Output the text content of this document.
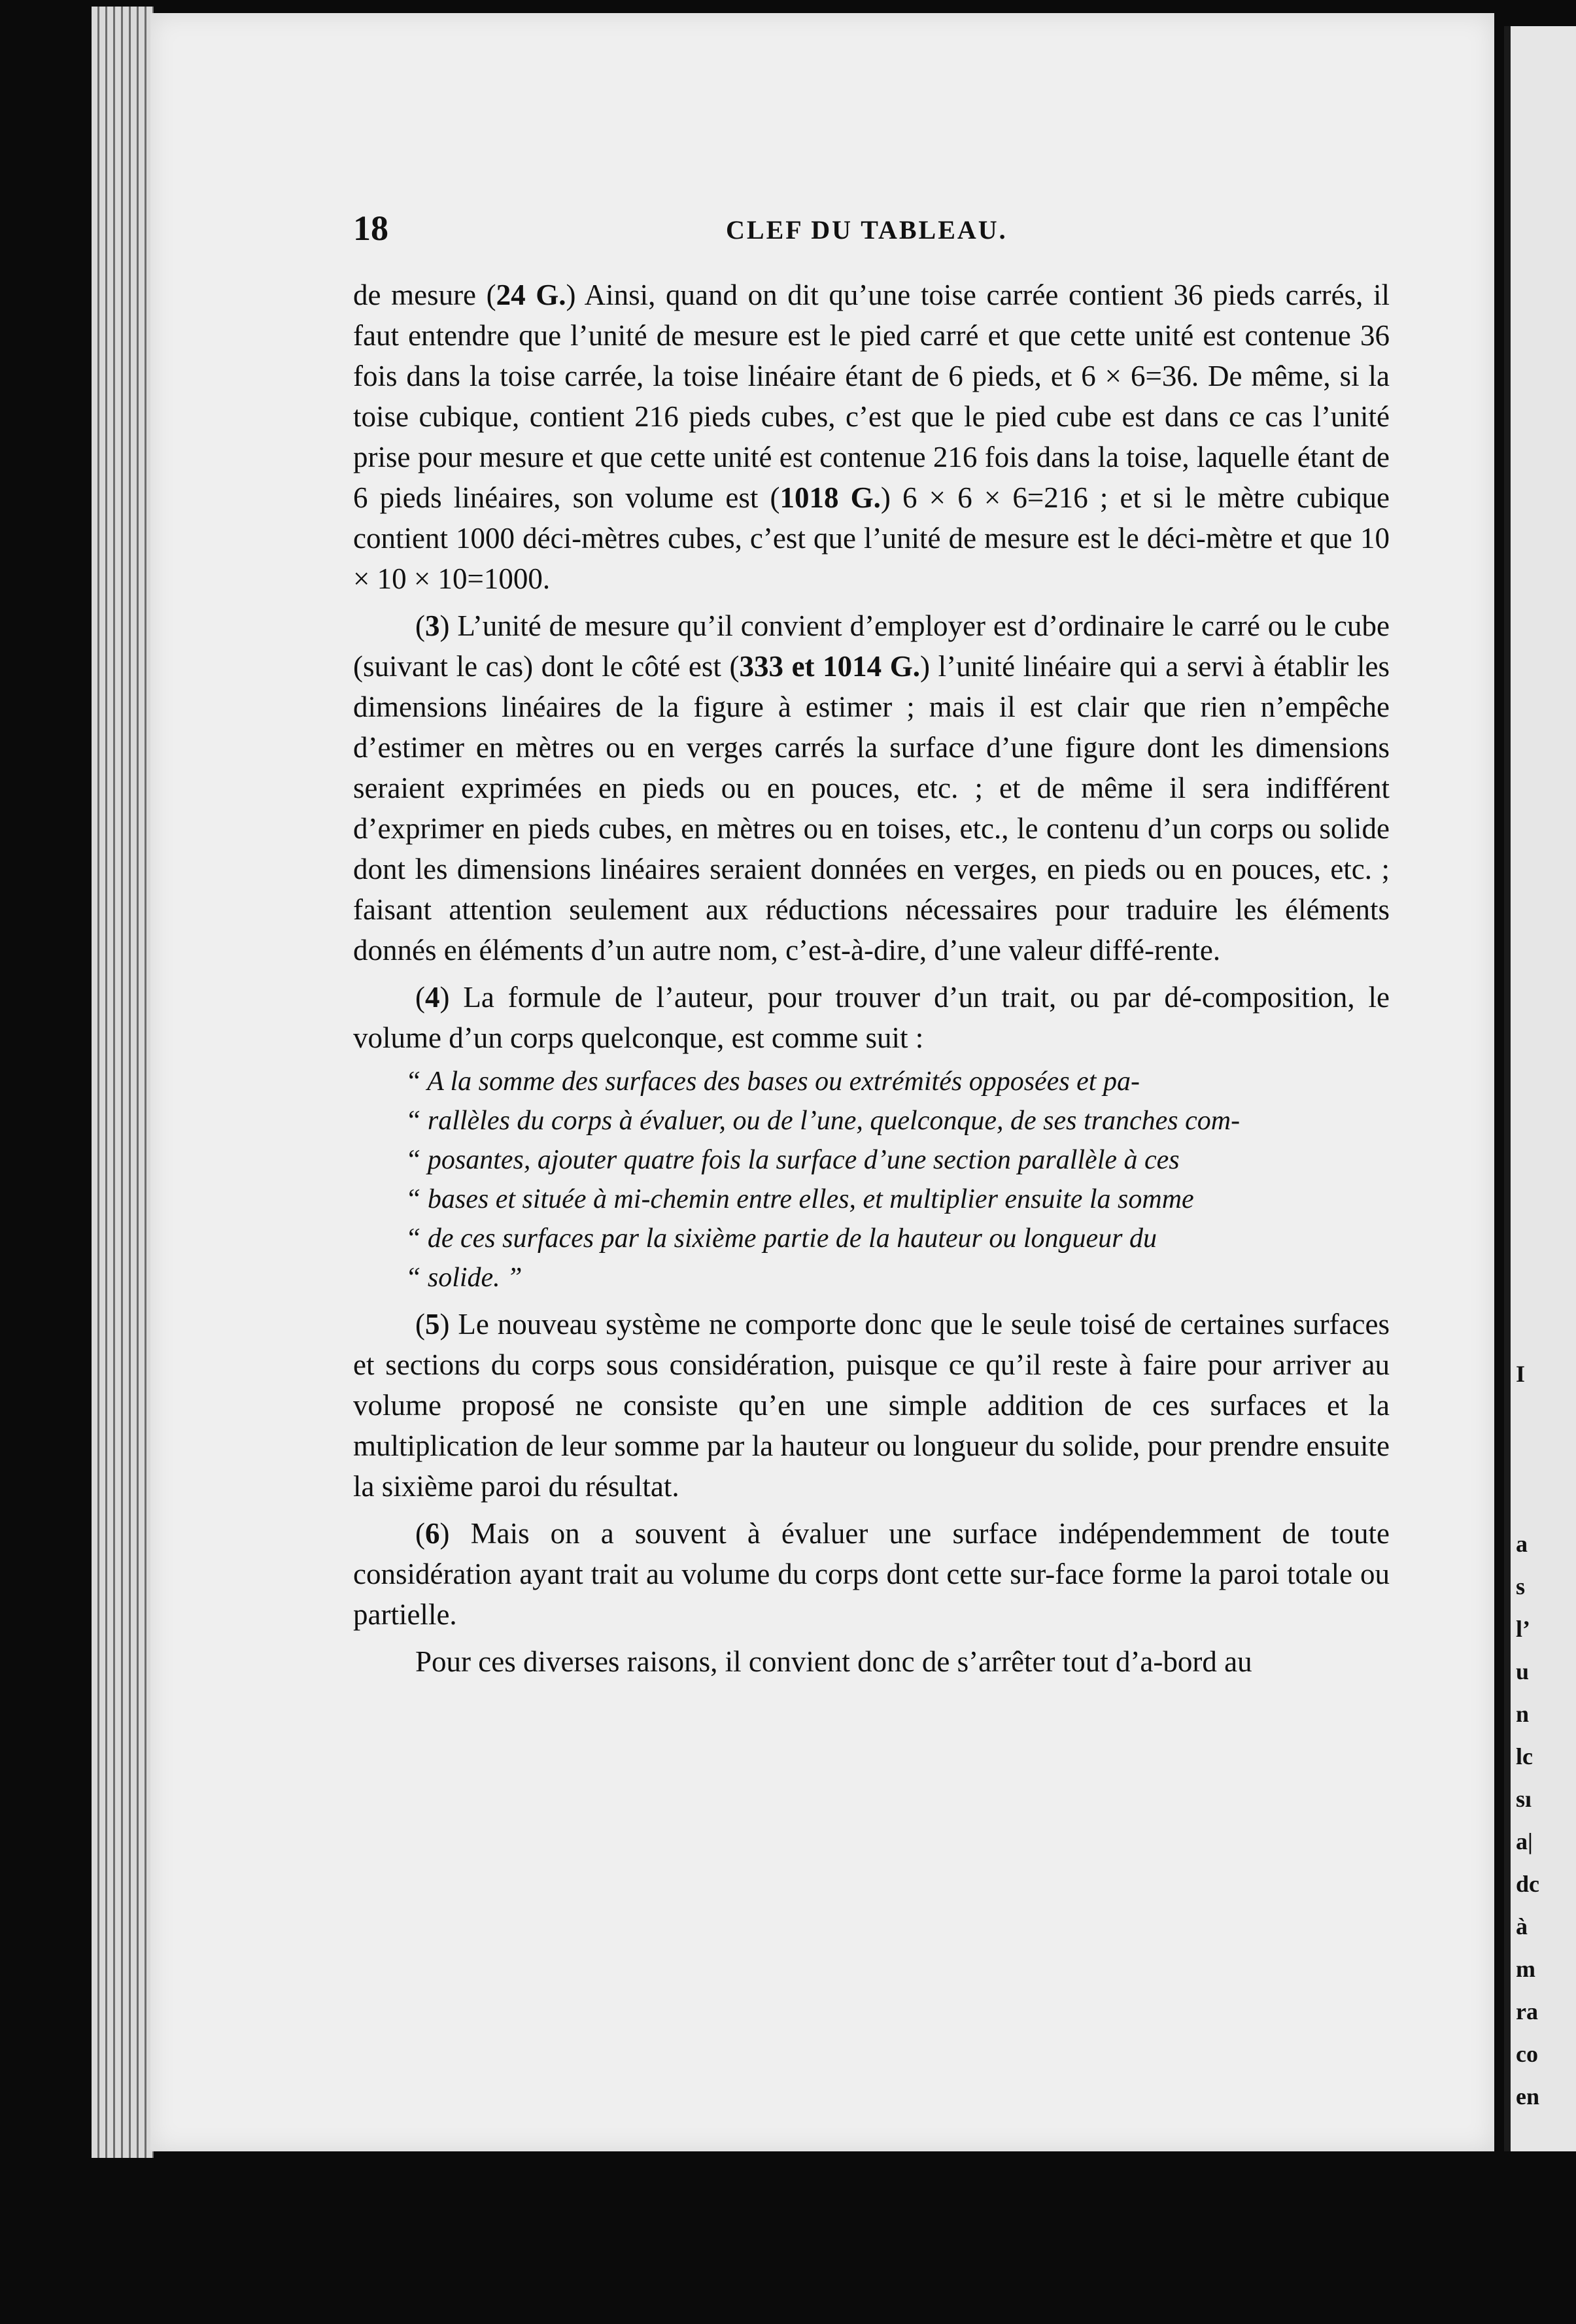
I
a
s
l’
u
n
lc
sı
a|
dc
à
m
ra
co
en
18	CLEF DU TABLEAU.

de mesure (24 G.) Ainsi, quand on dit qu’une toise carrée contient 36 pieds carrés, il faut entendre que l’unité de mesure est le pied carré et que cette unité est contenue 36 fois dans la toise carrée, la toise linéaire étant de 6 pieds, et 6 × 6=36. De même, si la toise cubique, contient 216 pieds cubes, c’est que le pied cube est dans ce cas l’unité prise pour mesure et que cette unité est contenue 216 fois dans la toise, laquelle étant de 6 pieds linéaires, son volume est (1018 G.) 6 × 6 × 6=216 ; et si le mètre cubique contient 1000 déci-mètres cubes, c’est que l’unité de mesure est le déci-mètre et que 10 × 10 × 10=1000.

(3) L’unité de mesure qu’il convient d’employer est d’ordinaire le carré ou le cube (suivant le cas) dont le côté est (333 et 1014 G.) l’unité linéaire qui a servi à établir les dimensions linéaires de la figure à estimer ; mais il est clair que rien n’empêche d’estimer en mètres ou en verges carrés la surface d’une figure dont les dimensions seraient exprimées en pieds ou en pouces, etc. ; et de même il sera indifférent d’exprimer en pieds cubes, en mètres ou en toises, etc., le contenu d’un corps ou solide dont les dimensions linéaires seraient données en verges, en pieds ou en pouces, etc. ; faisant attention seulement aux réductions nécessaires pour traduire les éléments donnés en éléments d’un autre nom, c’est-à-dire, d’une valeur diffé-rente.

(4) La formule de l’auteur, pour trouver d’un trait, ou par dé-composition, le volume d’un corps quelconque, est comme suit :

“ A la somme des surfaces des bases ou extrémités opposées et pa-
“ rallèles du corps à évaluer, ou de l’une, quelconque, de ses tranches com-
“ posantes, ajouter quatre fois la surface d’une section parallèle à ces
“ bases et située à mi-chemin entre elles, et multiplier ensuite la somme
“ de ces surfaces par la sixième partie de la hauteur ou longueur du
“ solide. ”

(5) Le nouveau système ne comporte donc que le seule toisé de certaines surfaces et sections du corps sous considération, puisque ce qu’il reste à faire pour arriver au volume proposé ne consiste qu’en une simple addition de ces surfaces et la multiplication de leur somme par la hauteur ou longueur du solide, pour prendre ensuite la sixième paroi du résultat.

(6) Mais on a souvent à évaluer une surface indépendemment de toute considération ayant trait au volume du corps dont cette sur-face forme la paroi totale ou partielle.

Pour ces diverses raisons, il convient donc de s’arrêter tout d’a-bord au
